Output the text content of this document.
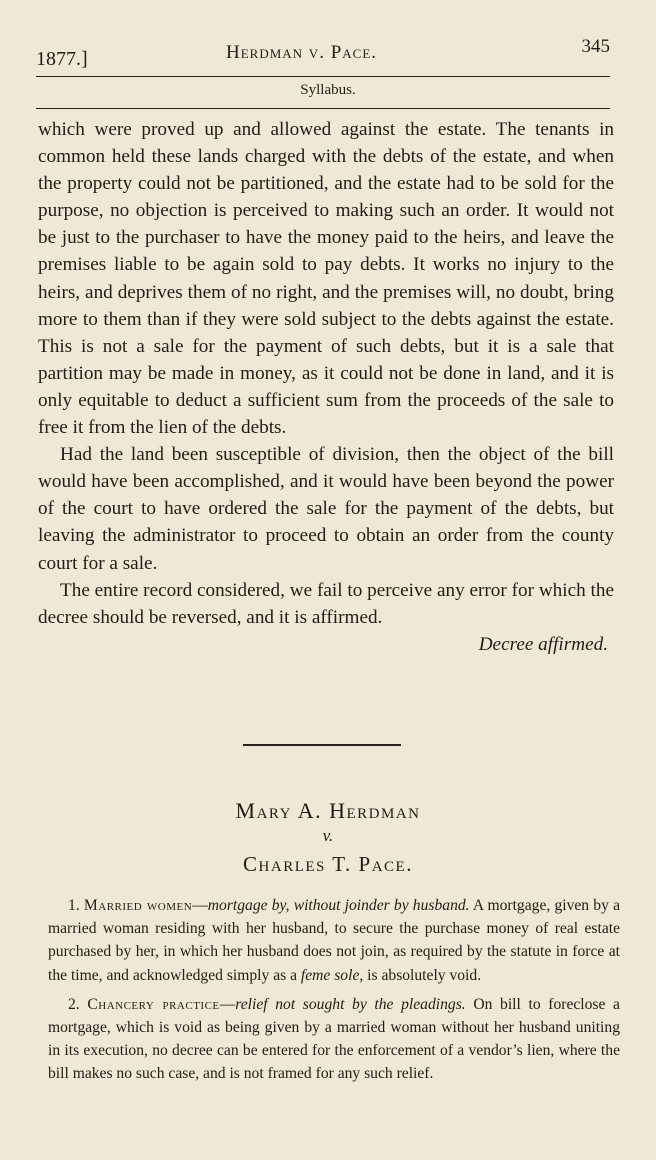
1877.]	Herdman v. Pace.	345
Syllabus.

which were proved up and allowed against the estate. The tenants in common held these lands charged with the debts of the estate, and when the property could not be partitioned, and the estate had to be sold for the purpose, no objection is perceived to making such an order. It would not be just to the purchaser to have the money paid to the heirs, and leave the premises liable to be again sold to pay debts. It works no injury to the heirs, and deprives them of no right, and the premises will, no doubt, bring more to them than if they were sold subject to the debts against the estate. This is not a sale for the payment of such debts, but it is a sale that partition may be made in money, as it could not be done in land, and it is only equitable to deduct a sufficient sum from the proceeds of the sale to free it from the lien of the debts.

Had the land been susceptible of division, then the object of the bill would have been accomplished, and it would have been beyond the power of the court to have ordered the sale for the payment of the debts, but leaving the administrator to proceed to obtain an order from the county court for a sale.

The entire record considered, we fail to perceive any error for which the decree should be reversed, and it is affirmed.

Decree affirmed.

Mary A. Herdman
v.
Charles T. Pace.

1. Married women—mortgage by, without joinder by husband. A mortgage, given by a married woman residing with her husband, to secure the purchase money of real estate purchased by her, in which her husband does not join, as required by the statute in force at the time, and acknowledged simply as a feme sole, is absolutely void.

2. Chancery practice—relief not sought by the pleadings. On bill to foreclose a mortgage, which is void as being given by a married woman without her husband uniting in its execution, no decree can be entered for the enforcement of a vendor’s lien, where the bill makes no such case, and is not framed for any such relief.
